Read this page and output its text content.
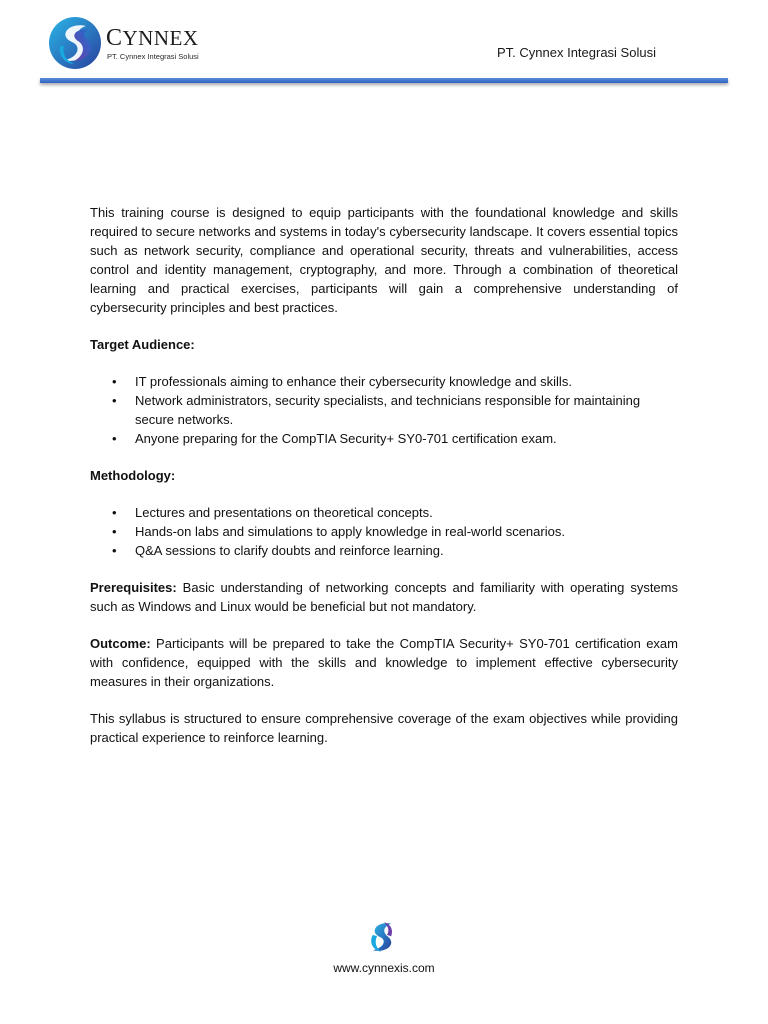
CYNNEX
PT. Cynnex Integrasi Solusi	PT. Cynnex Integrasi Solusi

This training course is designed to equip participants with the foundational knowledge and skills required to secure networks and systems in today's cybersecurity landscape. It covers essential topics such as network security, compliance and operational security, threats and vulnerabilities, access control and identity management, cryptography, and more. Through a combination of theoretical learning and practical exercises, participants will gain a comprehensive understanding of cybersecurity principles and best practices.

Target Audience:
• IT professionals aiming to enhance their cybersecurity knowledge and skills.
• Network administrators, security specialists, and technicians responsible for maintaining secure networks.
• Anyone preparing for the CompTIA Security+ SY0-701 certification exam.
Methodology:
• Lectures and presentations on theoretical concepts.
• Hands-on labs and simulations to apply knowledge in real-world scenarios.
• Q&A sessions to clarify doubts and reinforce learning.

Prerequisites: Basic understanding of networking concepts and familiarity with operating systems such as Windows and Linux would be beneficial but not mandatory.

Outcome: Participants will be prepared to take the CompTIA Security+ SY0-701 certification exam with confidence, equipped with the skills and knowledge to implement effective cybersecurity measures in their organizations.

This syllabus is structured to ensure comprehensive coverage of the exam objectives while providing practical experience to reinforce learning.

www.cynnexis.com
